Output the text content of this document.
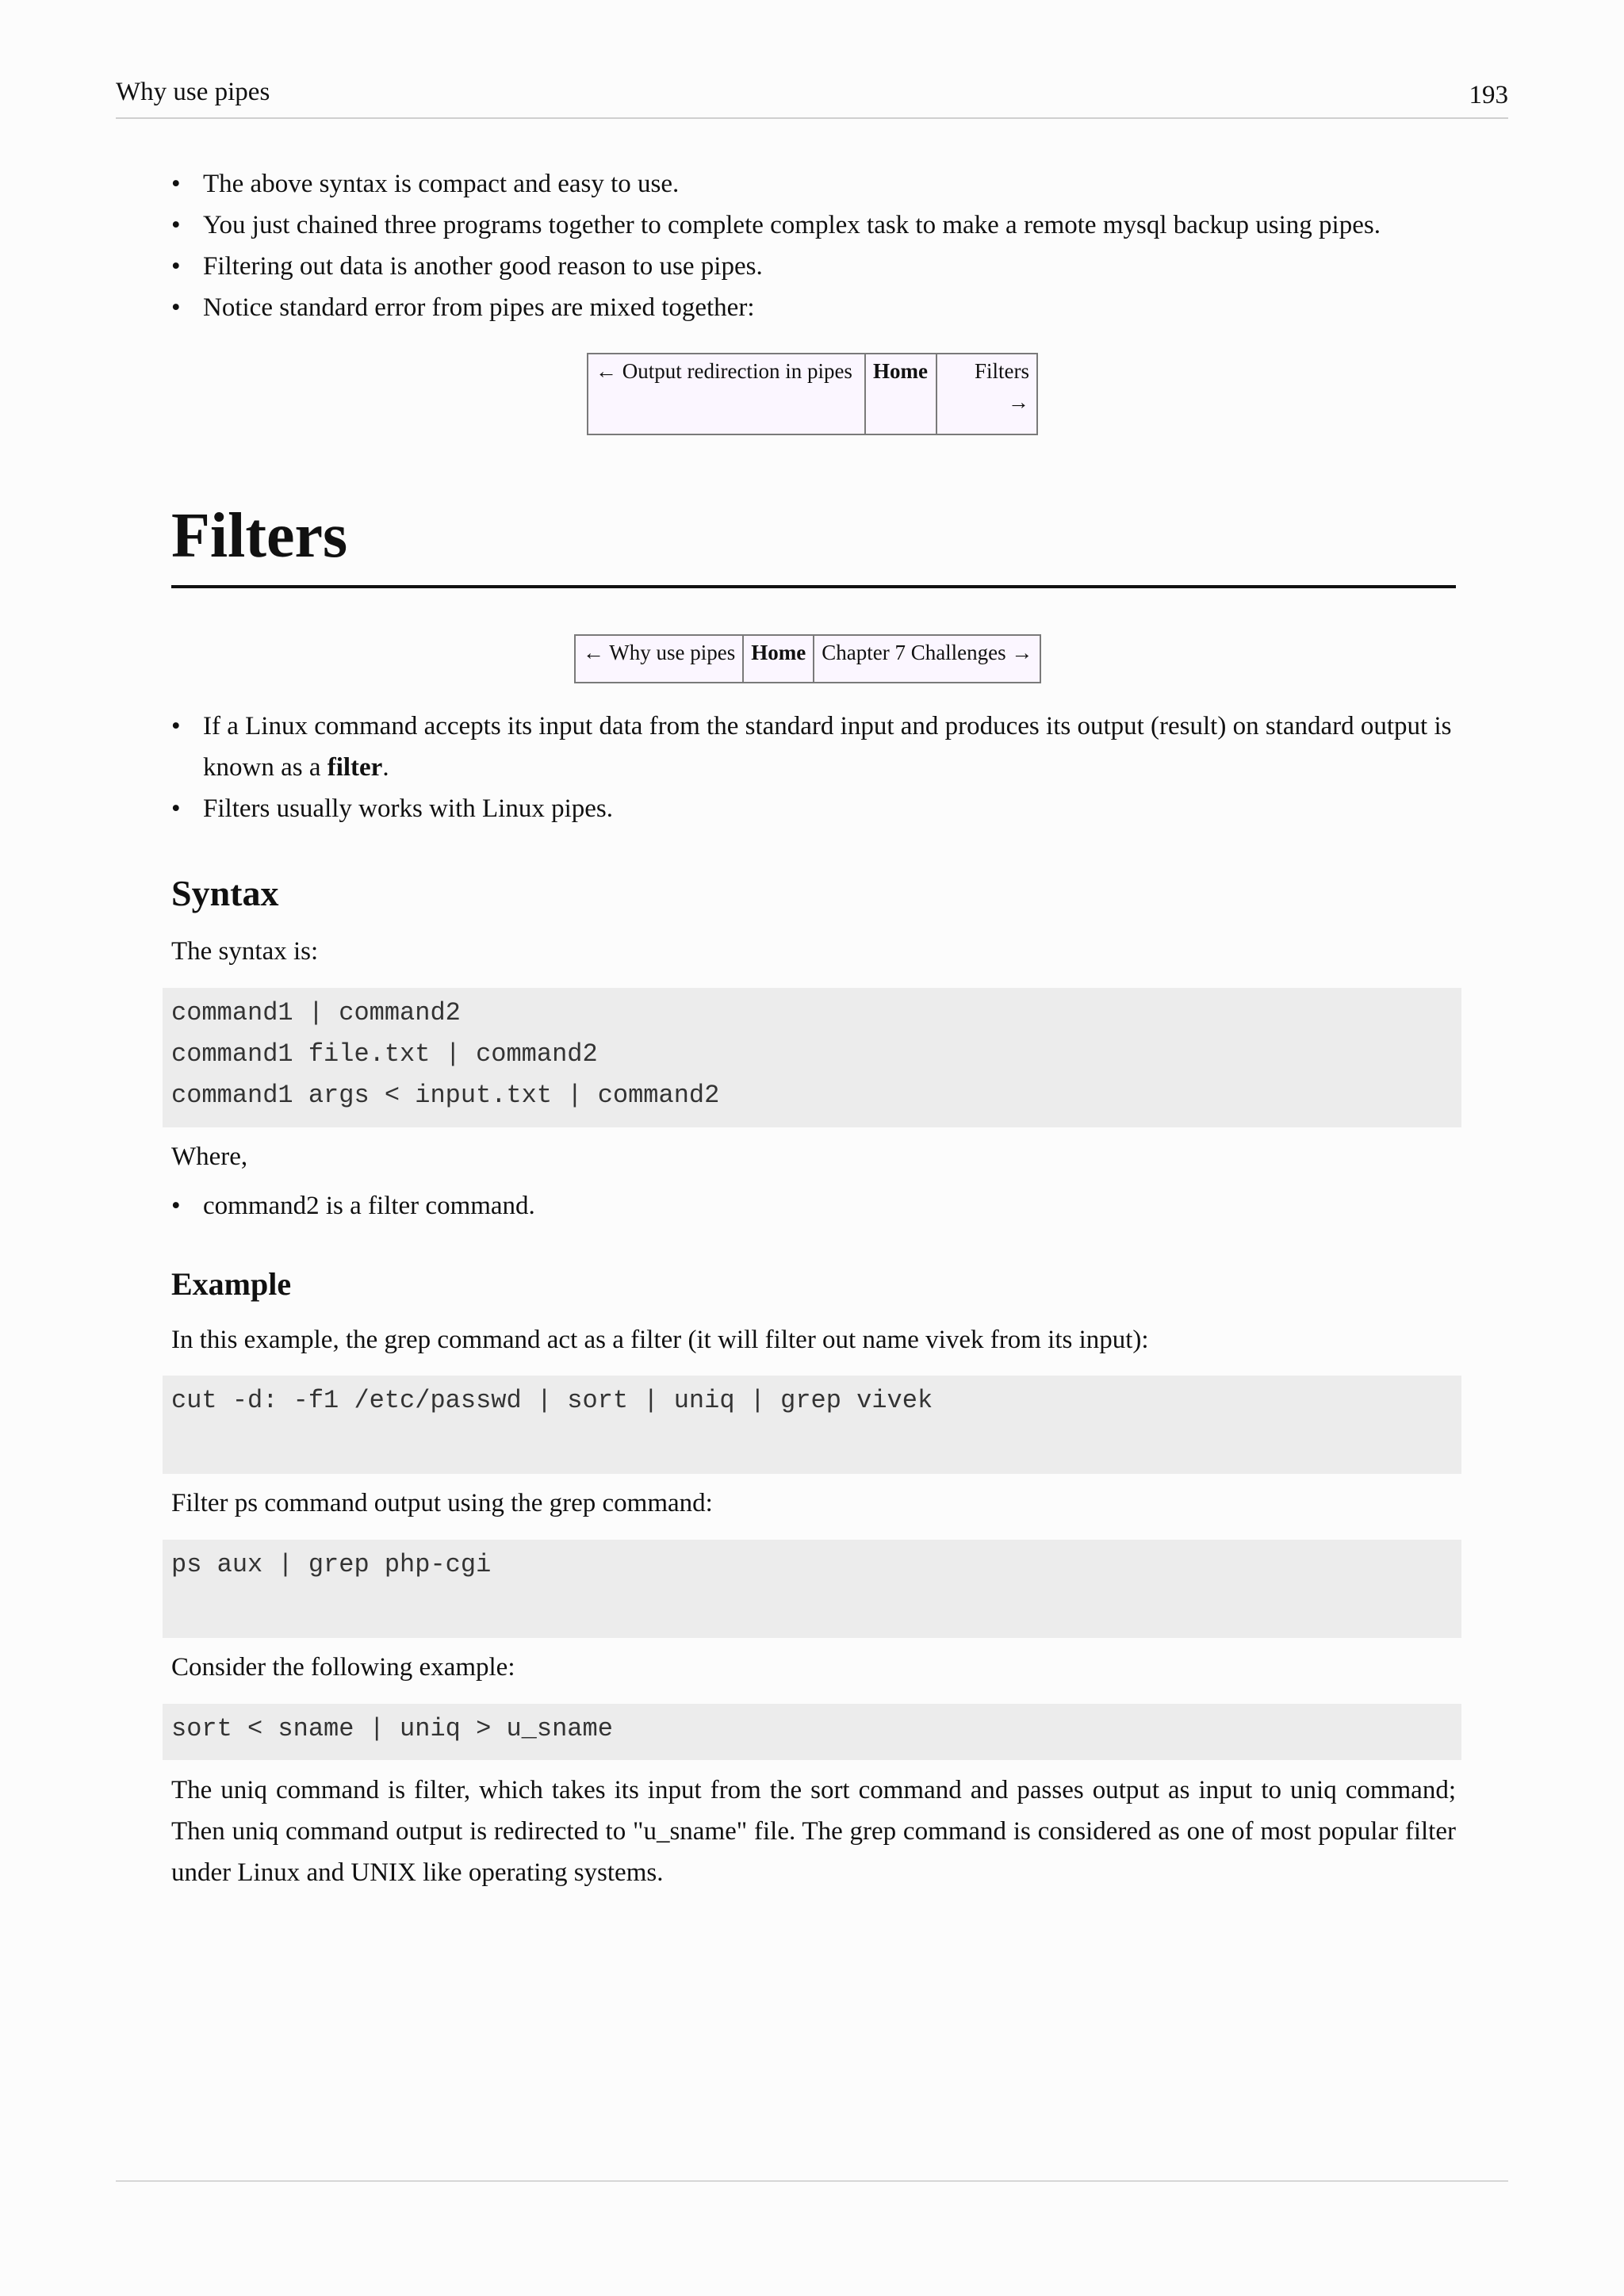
Why use pipes	193
• The above syntax is compact and easy to use.
• You just chained three programs together to complete complex task to make a remote mysql backup using pipes.
• Filtering out data is another good reason to use pipes.
• Notice standard error from pipes are mixed together:
← Output redirection in pipes	Home	Filters
→
Filters
← Why use pipes	Home	Chapter 7 Challenges →
• If a Linux command accepts its input data from the standard input and produces its output (result) on standard output is known as a filter.
• Filters usually works with Linux pipes.
Syntax
The syntax is:
command1 | command2
command1 file.txt | command2
command1 args < input.txt | command2
Where,
• command2 is a filter command.
Example
In this example, the grep command act as a filter (it will filter out name vivek from its input):
cut -d: -f1 /etc/passwd | sort | uniq | grep vivek
Filter ps command output using the grep command:
ps aux | grep php-cgi
Consider the following example:
sort < sname | uniq > u_sname
The uniq command is filter, which takes its input from the sort command and passes output as input to uniq command; Then uniq command output is redirected to "u_sname" file. The grep command is considered as one of most popular filter under Linux and UNIX like operating systems.
